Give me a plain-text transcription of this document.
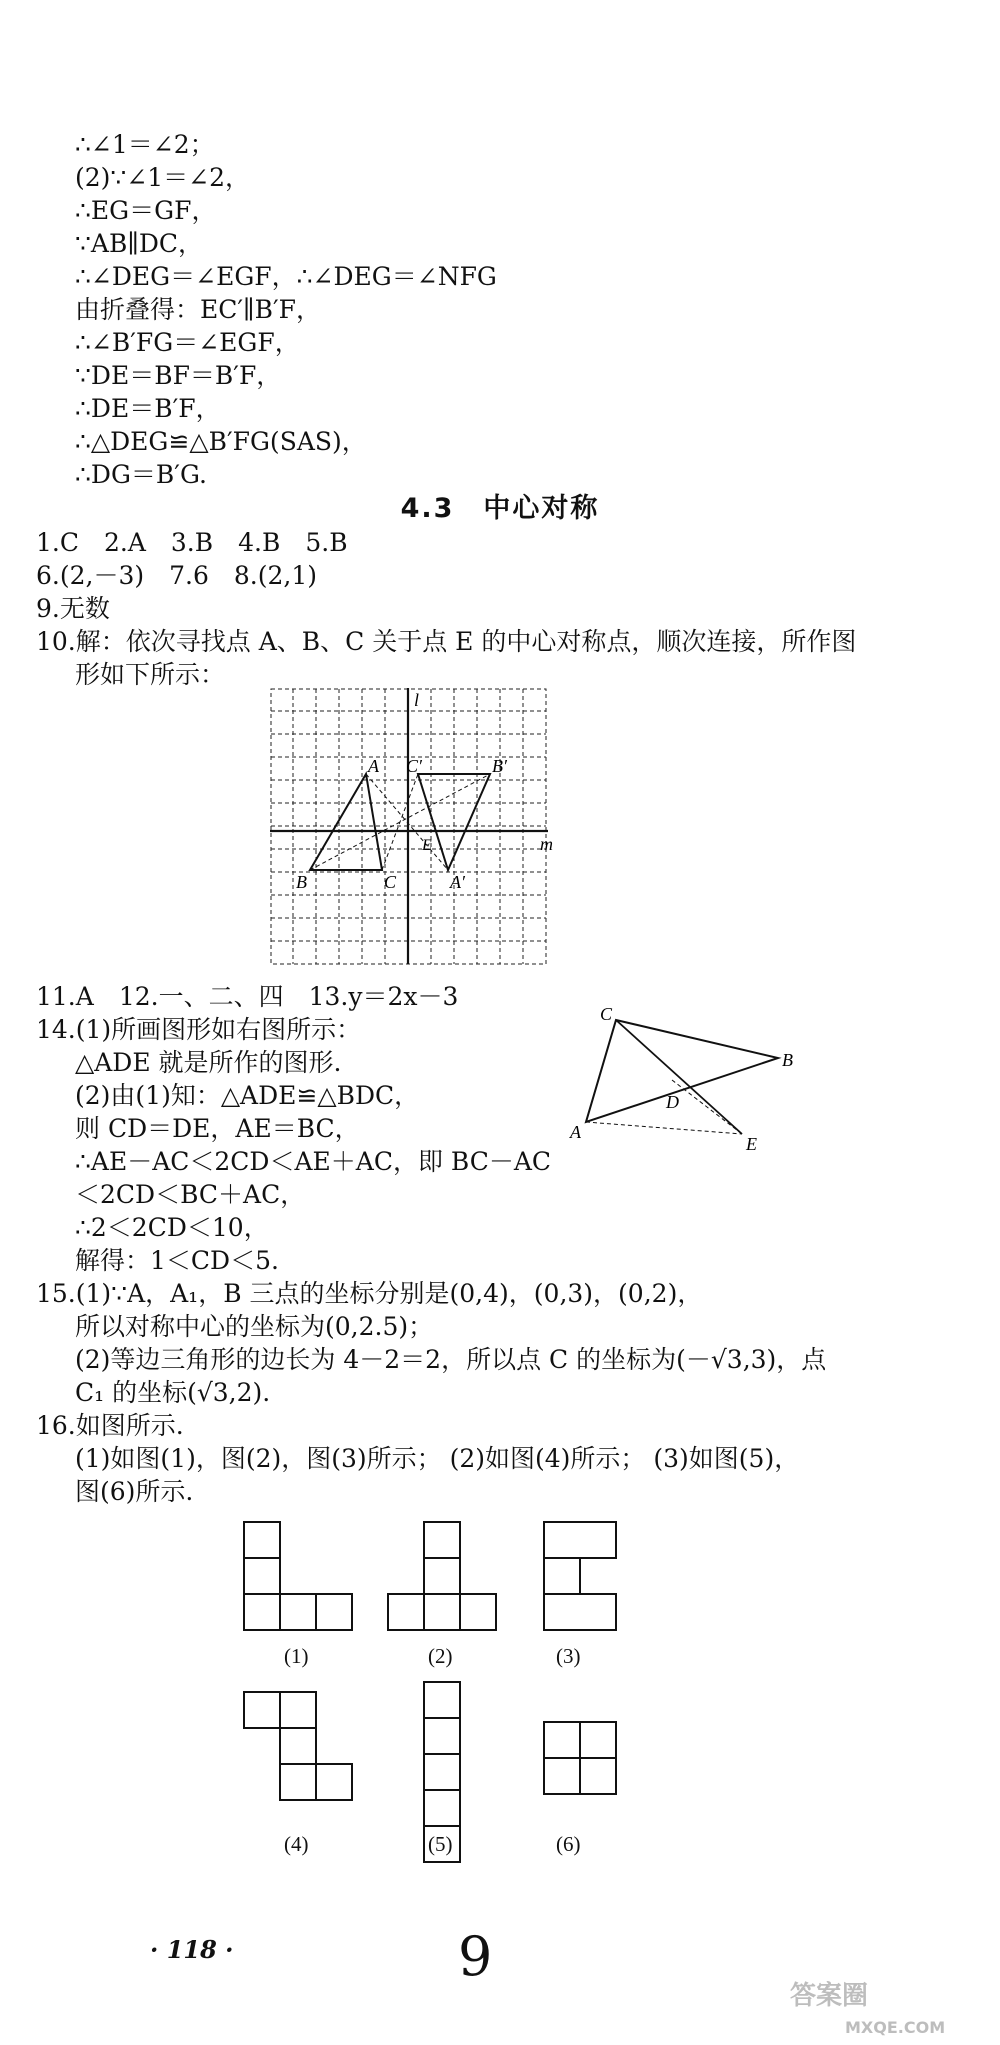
∴∠1＝∠2；
(2)∵∠1＝∠2，
∴EG＝GF，
∵AB∥DC，
∴∠DEG＝∠EGF，∴∠DEG＝∠NFG
由折叠得：EC′∥B′F，
∴∠B′FG＝∠EGF，
∵DE＝BF＝B′F，
∴DE＝B′F，
∴△DEG≌△B′FG(SAS)，
∴DG＝B′G.
4.3　中心对称
1.C　2.A　3.B　4.B　5.B
6.(2,－3)　7.6　8.(2,1)
9.无数
10.解：依次寻找点 A、B、C 关于点 E 的中心对称点，顺次连接，所作图
形如下所示：
l
m
A
B	C
C′	B′
A′
E
11.A　12.一、二、四　13.y＝2x－3
14.(1)所画图形如右图所示：
△ADE 就是所作的图形.
(2)由(1)知：△ADE≌△BDC，
则 CD＝DE，AE＝BC，
∴AE－AC＜2CD＜AE＋AC，即 BC－AC
＜2CD＜BC＋AC，
∴2＜2CD＜10，
解得：1＜CD＜5.
C
B
A
D
E
15.(1)∵A，A₁，B 三点的坐标分别是(0,4)，(0,3)，(0,2)，
所以对称中心的坐标为(0,2.5)；
(2)等边三角形的边长为 4－2＝2，所以点 C 的坐标为(－√3,3)，点
C₁ 的坐标(√3,2).
16.如图所示.
(1)如图(1)，图(2)，图(3)所示； (2)如图(4)所示； (3)如图(5)，
图(6)所示.
(1)	(2)	(3)
(4)	(5)	(6)
· 118 ·	9
答案圈
MXQE.COM
